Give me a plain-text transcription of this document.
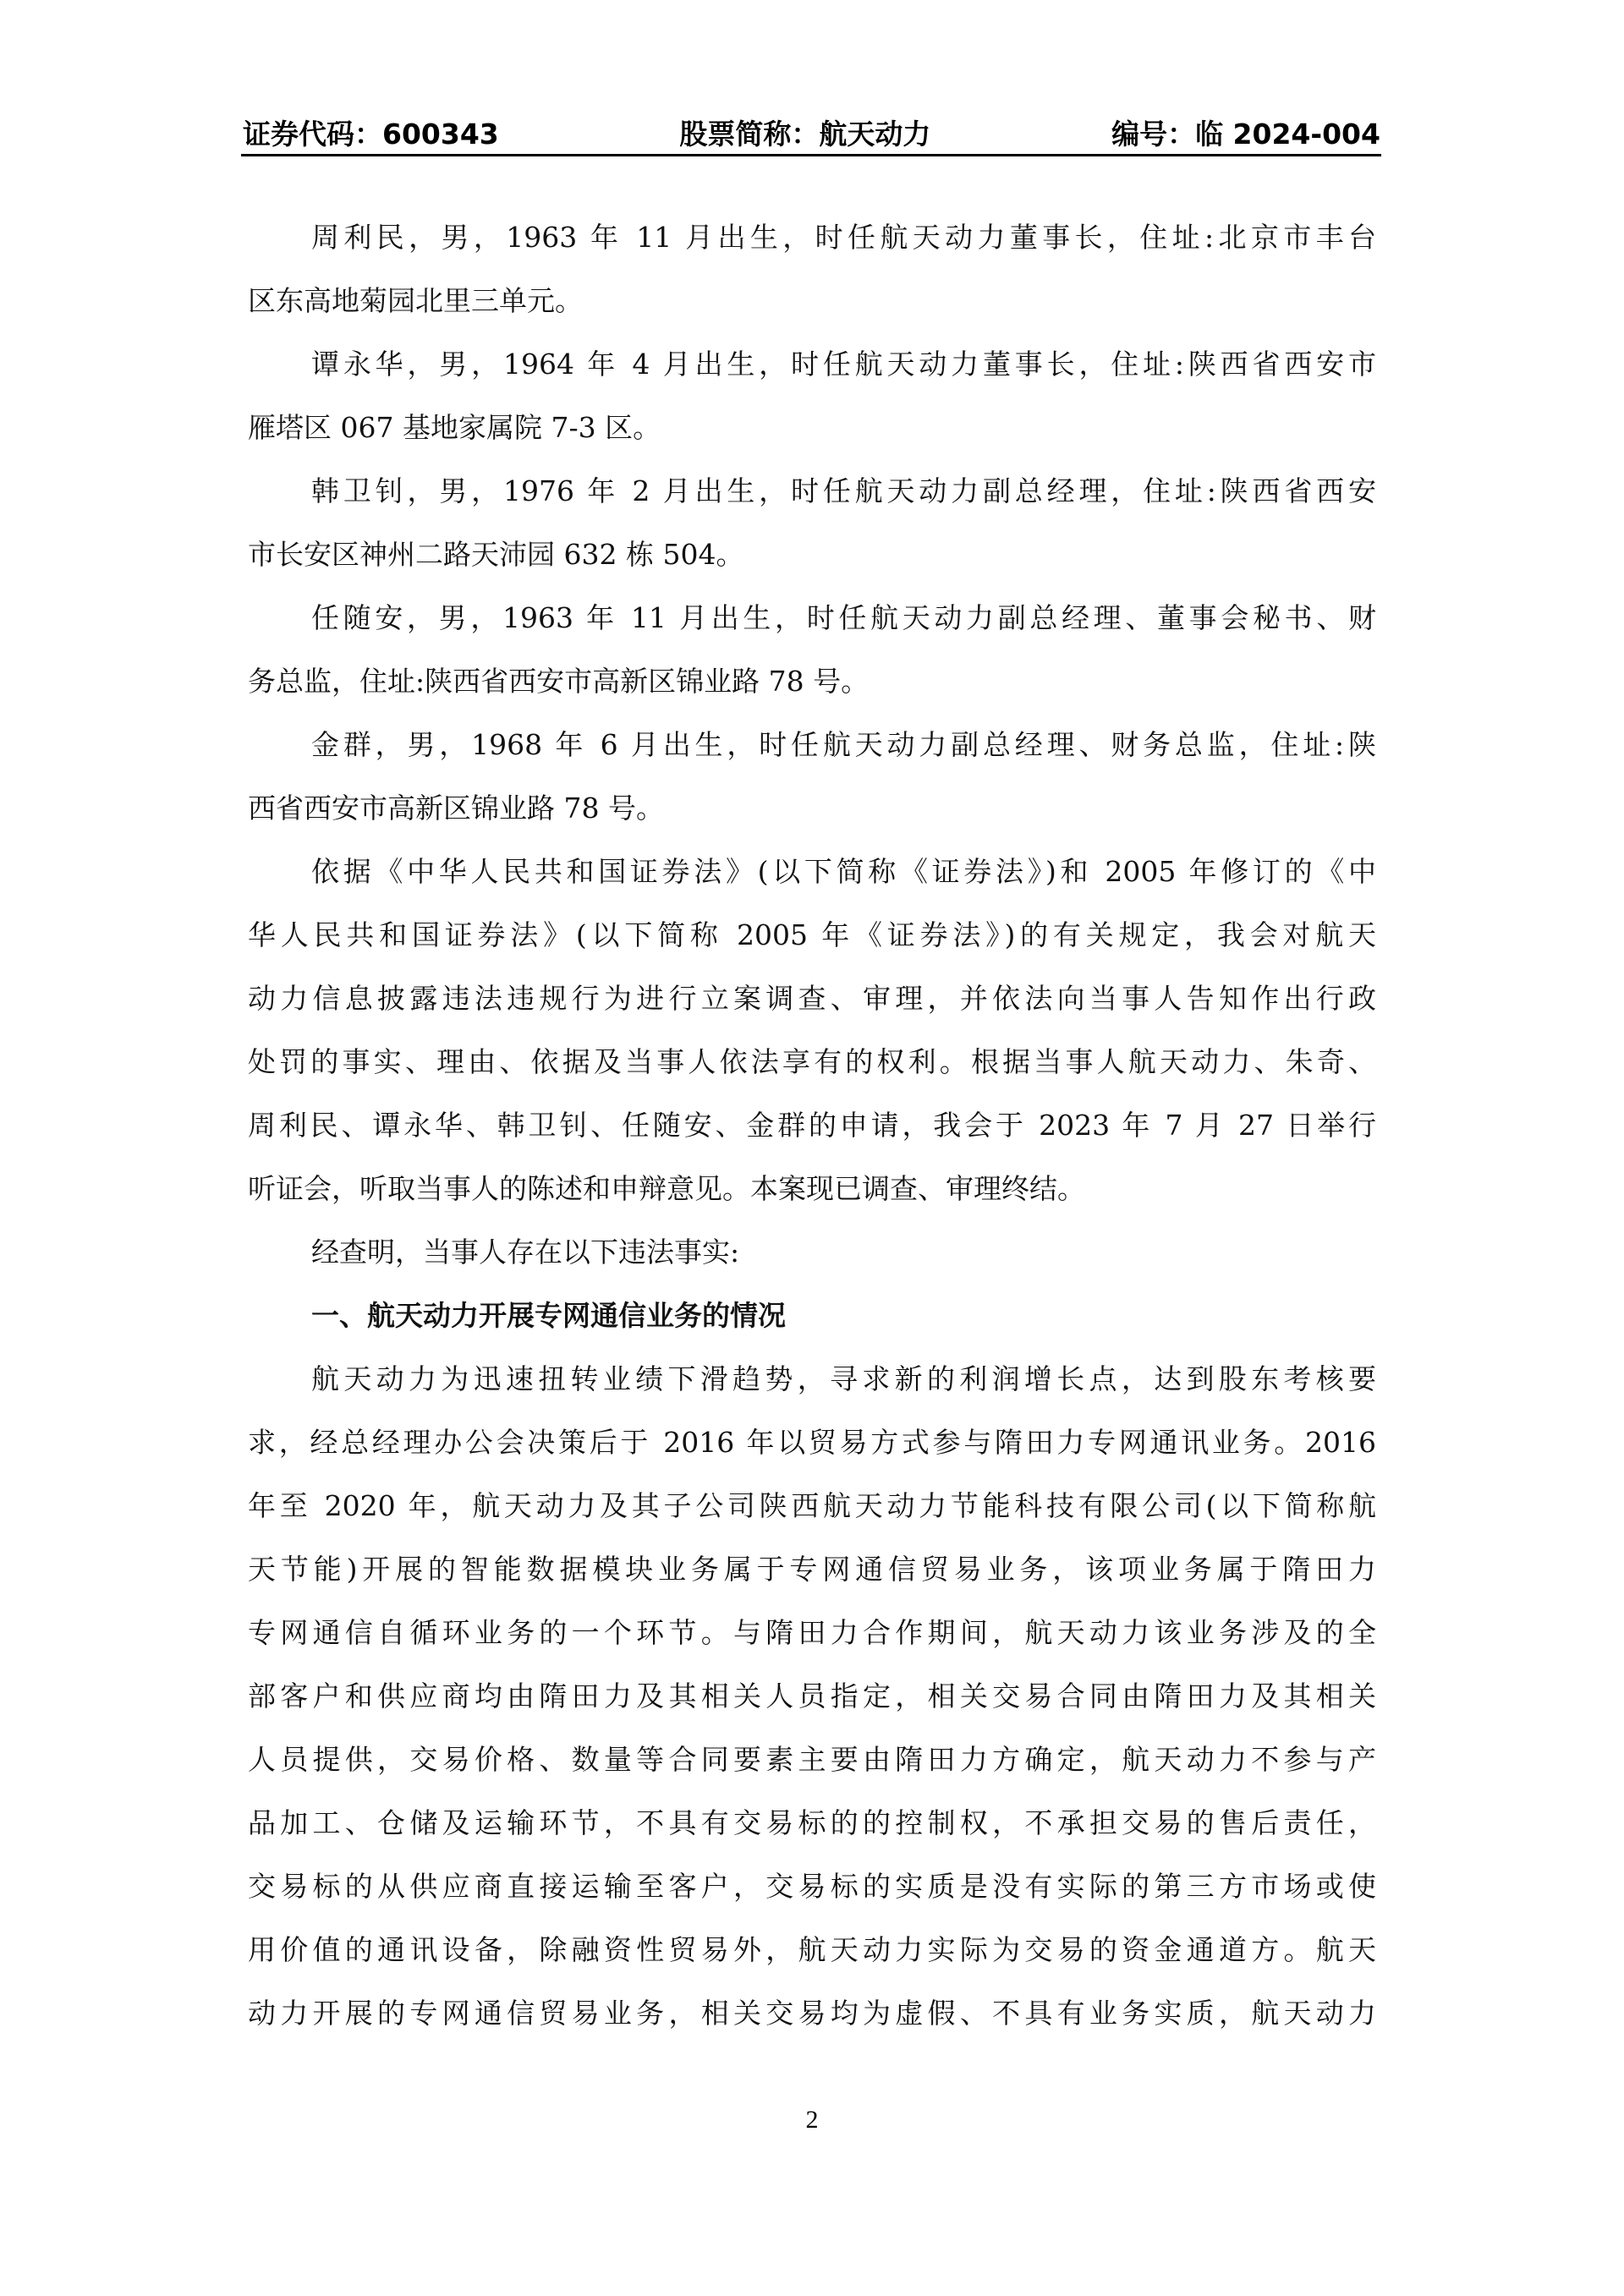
证券代码：600343	股票简称：航天动力	编号：临 2024-004
周利民，男，1963 年 11 月出生，时任航天动力董事长，住址:北京市丰台
区东高地菊园北里三单元。
谭永华，男，1964 年 4 月出生，时任航天动力董事长，住址:陕西省西安市
雁塔区 067 基地家属院 7-3 区。
韩卫钊，男，1976 年 2 月出生，时任航天动力副总经理，住址:陕西省西安
市长安区神州二路天沛园 632 栋 504。
任随安，男，1963 年 11 月出生，时任航天动力副总经理、董事会秘书、财
务总监，住址:陕西省西安市高新区锦业路 78 号。
金群，男，1968 年 6 月出生，时任航天动力副总经理、财务总监，住址:陕
西省西安市高新区锦业路 78 号。
依据《中华人民共和国证券法》(以下简称《证券法》)和 2005 年修订的《中
华人民共和国证券法》(以下简称 2005 年《证券法》)的有关规定，我会对航天
动力信息披露违法违规行为进行立案调查、审理，并依法向当事人告知作出行政
处罚的事实、理由、依据及当事人依法享有的权利。根据当事人航天动力、朱奇、
周利民、谭永华、韩卫钊、任随安、金群的申请，我会于 2023 年 7 月 27 日举行
听证会，听取当事人的陈述和申辩意见。本案现已调查、审理终结。
经查明，当事人存在以下违法事实:
一、航天动力开展专网通信业务的情况
航天动力为迅速扭转业绩下滑趋势，寻求新的利润增长点，达到股东考核要
求，经总经理办公会决策后于 2016 年以贸易方式参与隋田力专网通讯业务。2016
年至 2020 年，航天动力及其子公司陕西航天动力节能科技有限公司(以下简称航
天节能)开展的智能数据模块业务属于专网通信贸易业务，该项业务属于隋田力
专网通信自循环业务的一个环节。与隋田力合作期间，航天动力该业务涉及的全
部客户和供应商均由隋田力及其相关人员指定，相关交易合同由隋田力及其相关
人员提供，交易价格、数量等合同要素主要由隋田力方确定，航天动力不参与产
品加工、仓储及运输环节，不具有交易标的的控制权，不承担交易的售后责任，
交易标的从供应商直接运输至客户，交易标的实质是没有实际的第三方市场或使
用价值的通讯设备，除融资性贸易外，航天动力实际为交易的资金通道方。航天
动力开展的专网通信贸易业务，相关交易均为虚假、不具有业务实质，航天动力
2
